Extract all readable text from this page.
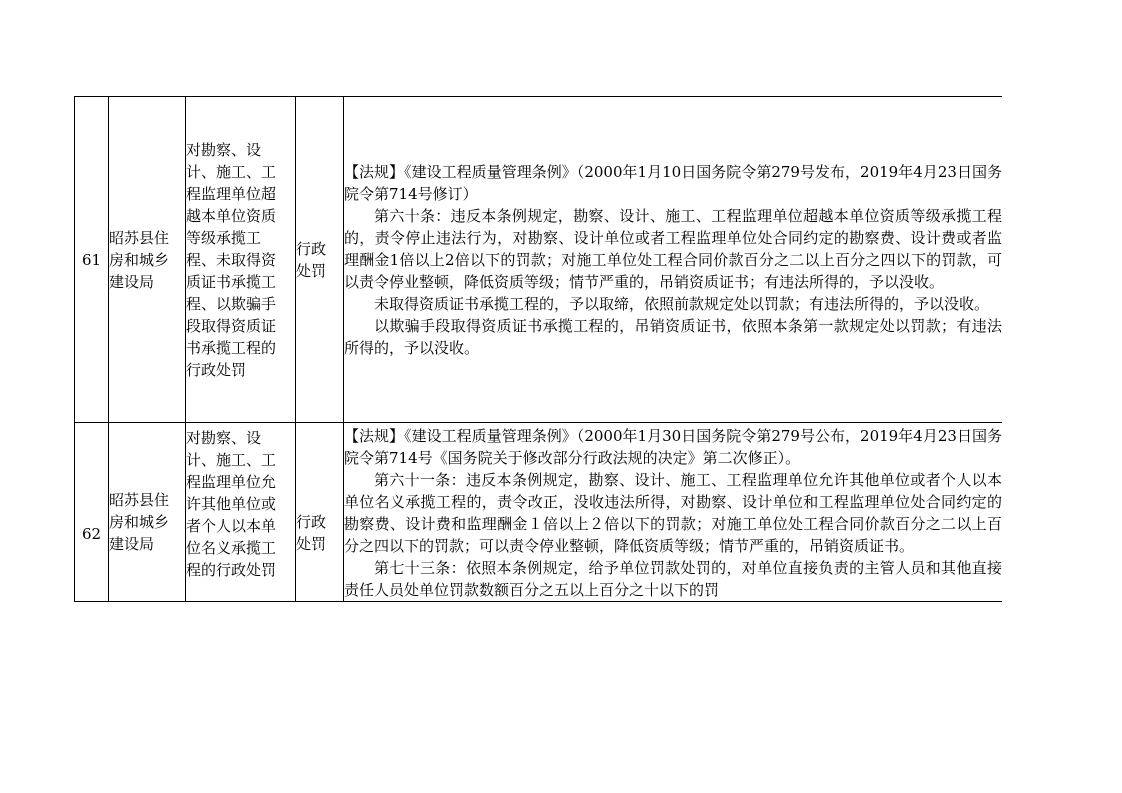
61	昭苏县住房和城乡建设局	对勘察、设计、施工、工程监理单位超越本单位资质等级承揽工程、未取得资质证书承揽工程、以欺骗手段取得资质证书承揽工程的行政处罚	行政处罚	【法规】《建设工程质量管理条例》（2000年1月10日国务院令第279号发布，2019年4月23日国务院令第714号修订）

第六十条：违反本条例规定，勘察、设计、施工、工程监理单位超越本单位资质等级承揽工程的，责令停止违法行为，对勘察、设计单位或者工程监理单位处合同约定的勘察费、设计费或者监理酬金1倍以上2倍以下的罚款；对施工单位处工程合同价款百分之二以上百分之四以下的罚款，可以责令停业整顿，降低资质等级；情节严重的，吊销资质证书；有违法所得的，予以没收。

未取得资质证书承揽工程的，予以取缔，依照前款规定处以罚款；有违法所得的，予以没收。

以欺骗手段取得资质证书承揽工程的，吊销资质证书，依照本条第一款规定处以罚款；有违法所得的，予以没收。

62	昭苏县住房和城乡建设局	对勘察、设计、施工、工程监理单位允许其他单位或者个人以本单位名义承揽工程的行政处罚	行政处罚	【法规】《建设工程质量管理条例》（2000年1月30日国务院令第279号公布，2019年4月23日国务院令第714号《国务院关于修改部分行政法规的决定》第二次修正）。

第六十一条：违反本条例规定，勘察、设计、施工、工程监理单位允许其他单位或者个人以本单位名义承揽工程的，责令改正，没收违法所得，对勘察、设计单位和工程监理单位处合同约定的勘察费、设计费和监理酬金１倍以上２倍以下的罚款；对施工单位处工程合同价款百分之二以上百分之四以下的罚款；可以责令停业整顿，降低资质等级；情节严重的，吊销资质证书。

第七十三条：依照本条例规定，给予单位罚款处罚的，对单位直接负责的主管人员和其他直接责任人员处单位罚款数额百分之五以上百分之十以下的罚
